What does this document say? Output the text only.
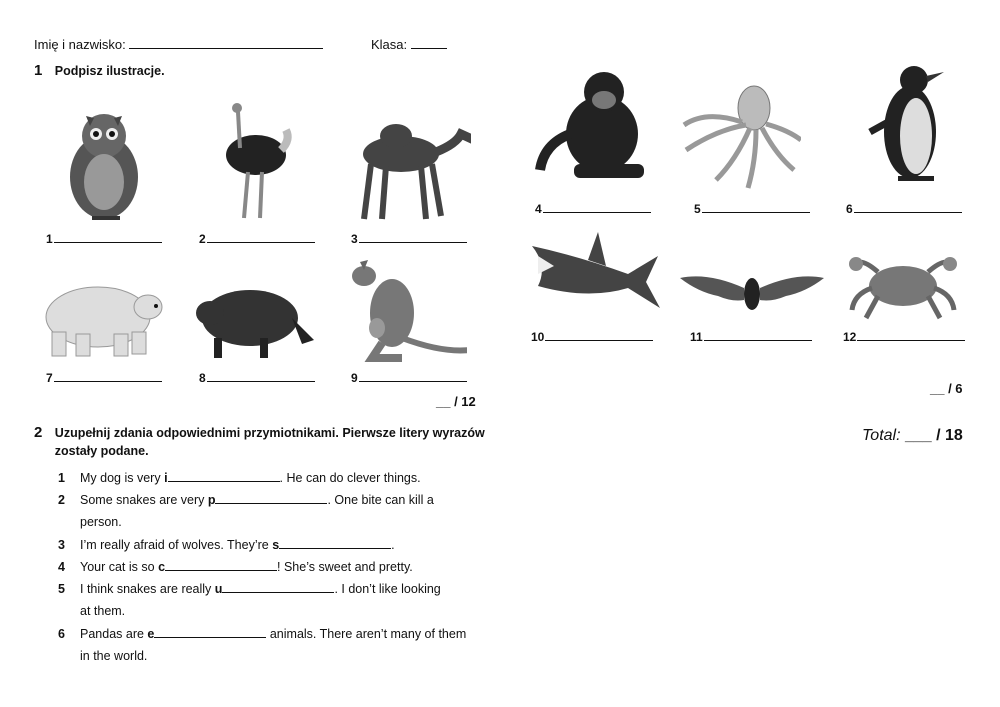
Imię i nazwisko:	Klasa:
1 Podpisz ilustracje.
1	2	3
7	8	9
__ / 12
4	5	6
10	11	12
__ / 6
2 Uzupełnij zdania odpowiednimi przymiotnikami. Pierwsze litery wyrazów
zostały podane.
1 My dog is very i	. He can do clever things.
2 Some snakes are very p	. One bite can kill a
person.
3 I’m really afraid of wolves. They’re s	.
4 Your cat is so c	! She’s sweet and pretty.
5 I think snakes are really u	. I don’t like looking
at them.
6 Pandas are e	animals. There aren’t many of them
in the world.
Total: ___ / 18
